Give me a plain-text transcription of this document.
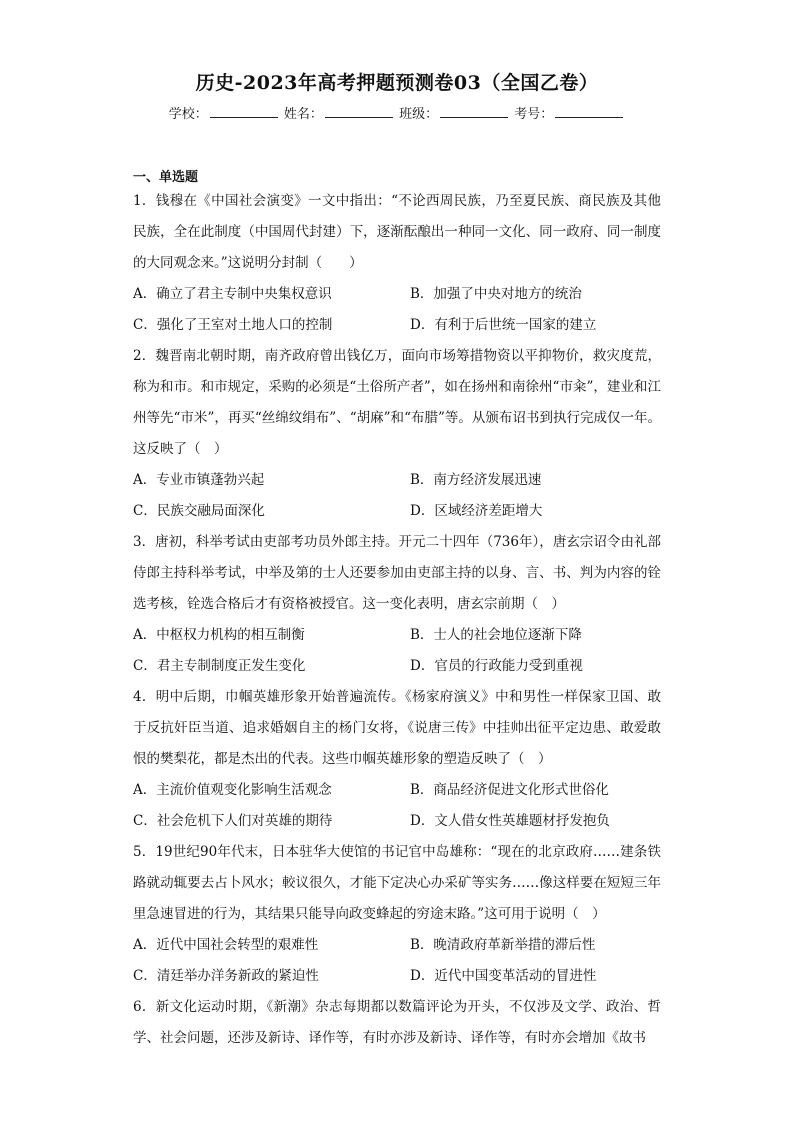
历史-2023年高考押题预测卷03（全国乙卷）
学校：	姓名：	班级：	考号：
一、单选题

1．钱穆在《中国社会演变》一文中指出：“不论西周民族，乃至夏民族、商民族及其他民族，全在此制度（中国周代封建）下，逐渐酝酿出一种同一文化、同一政府、同一制度的大同观念来。”这说明分封制（　　）

A．确立了君主专制中央集权意识	B．加强了中央对地方的统治
C．强化了王室对土地人口的控制	D．有利于后世统一国家的建立

2．魏晋南北朝时期，南齐政府曾出钱亿万，面向市场筹措物资以平抑物价，救灾度荒，称为和市。和市规定，采购的必须是“土俗所产者”，如在扬州和南徐州“市籴”，建业和江州等先“市米”，再买“丝绵纹绢布”、“胡麻”和“布腊”等。从颁布诏书到执行完成仅一年。这反映了（　）

A．专业市镇蓬勃兴起	B．南方经济发展迅速
C．民族交融局面深化	D．区域经济差距增大

3．唐初，科举考试由吏部考功员外郎主持。开元二十四年（736年），唐玄宗诏令由礼部侍郎主持科举考试，中举及第的士人还要参加由吏部主持的以身、言、书、判为内容的铨选考核，铨选合格后才有资格被授官。这一变化表明，唐玄宗前期（　）

A．中枢权力机构的相互制衡	B．士人的社会地位逐渐下降
C．君主专制制度正发生变化	D．官员的行政能力受到重视

4．明中后期，巾帼英雄形象开始普遍流传。《杨家府演义》中和男性一样保家卫国、敢于反抗奸臣当道、追求婚姻自主的杨门女将，《说唐三传》中挂帅出征平定边患、敢爱敢恨的樊梨花，都是杰出的代表。这些巾帼英雄形象的塑造反映了（　）

A．主流价值观变化影响生活观念	B．商品经济促进文化形式世俗化
C．社会危机下人们对英雄的期待	D．文人借女性英雄题材抒发抱负

5．19世纪90年代末，日本驻华大使馆的书记官中岛雄称：“现在的北京政府……建条铁路就动辄要去占卜风水；較议很久，才能下定决心办采矿等实务……像这样要在短短三年里急速冒进的行为，其结果只能导向政变蜂起的穷途末路。”这可用于说明（　）

A．近代中国社会转型的艰难性	B．晚清政府革新举措的滞后性
C．清廷举办洋务新政的紧迫性	D．近代中国变革活动的冒进性

6．新文化运动时期，《新潮》杂志每期都以数篇评论为开头，不仅涉及文学、政治、哲学、社会问题，还涉及新诗、译作等，有时亦涉及新诗、译作等，有时亦会增加《故书
